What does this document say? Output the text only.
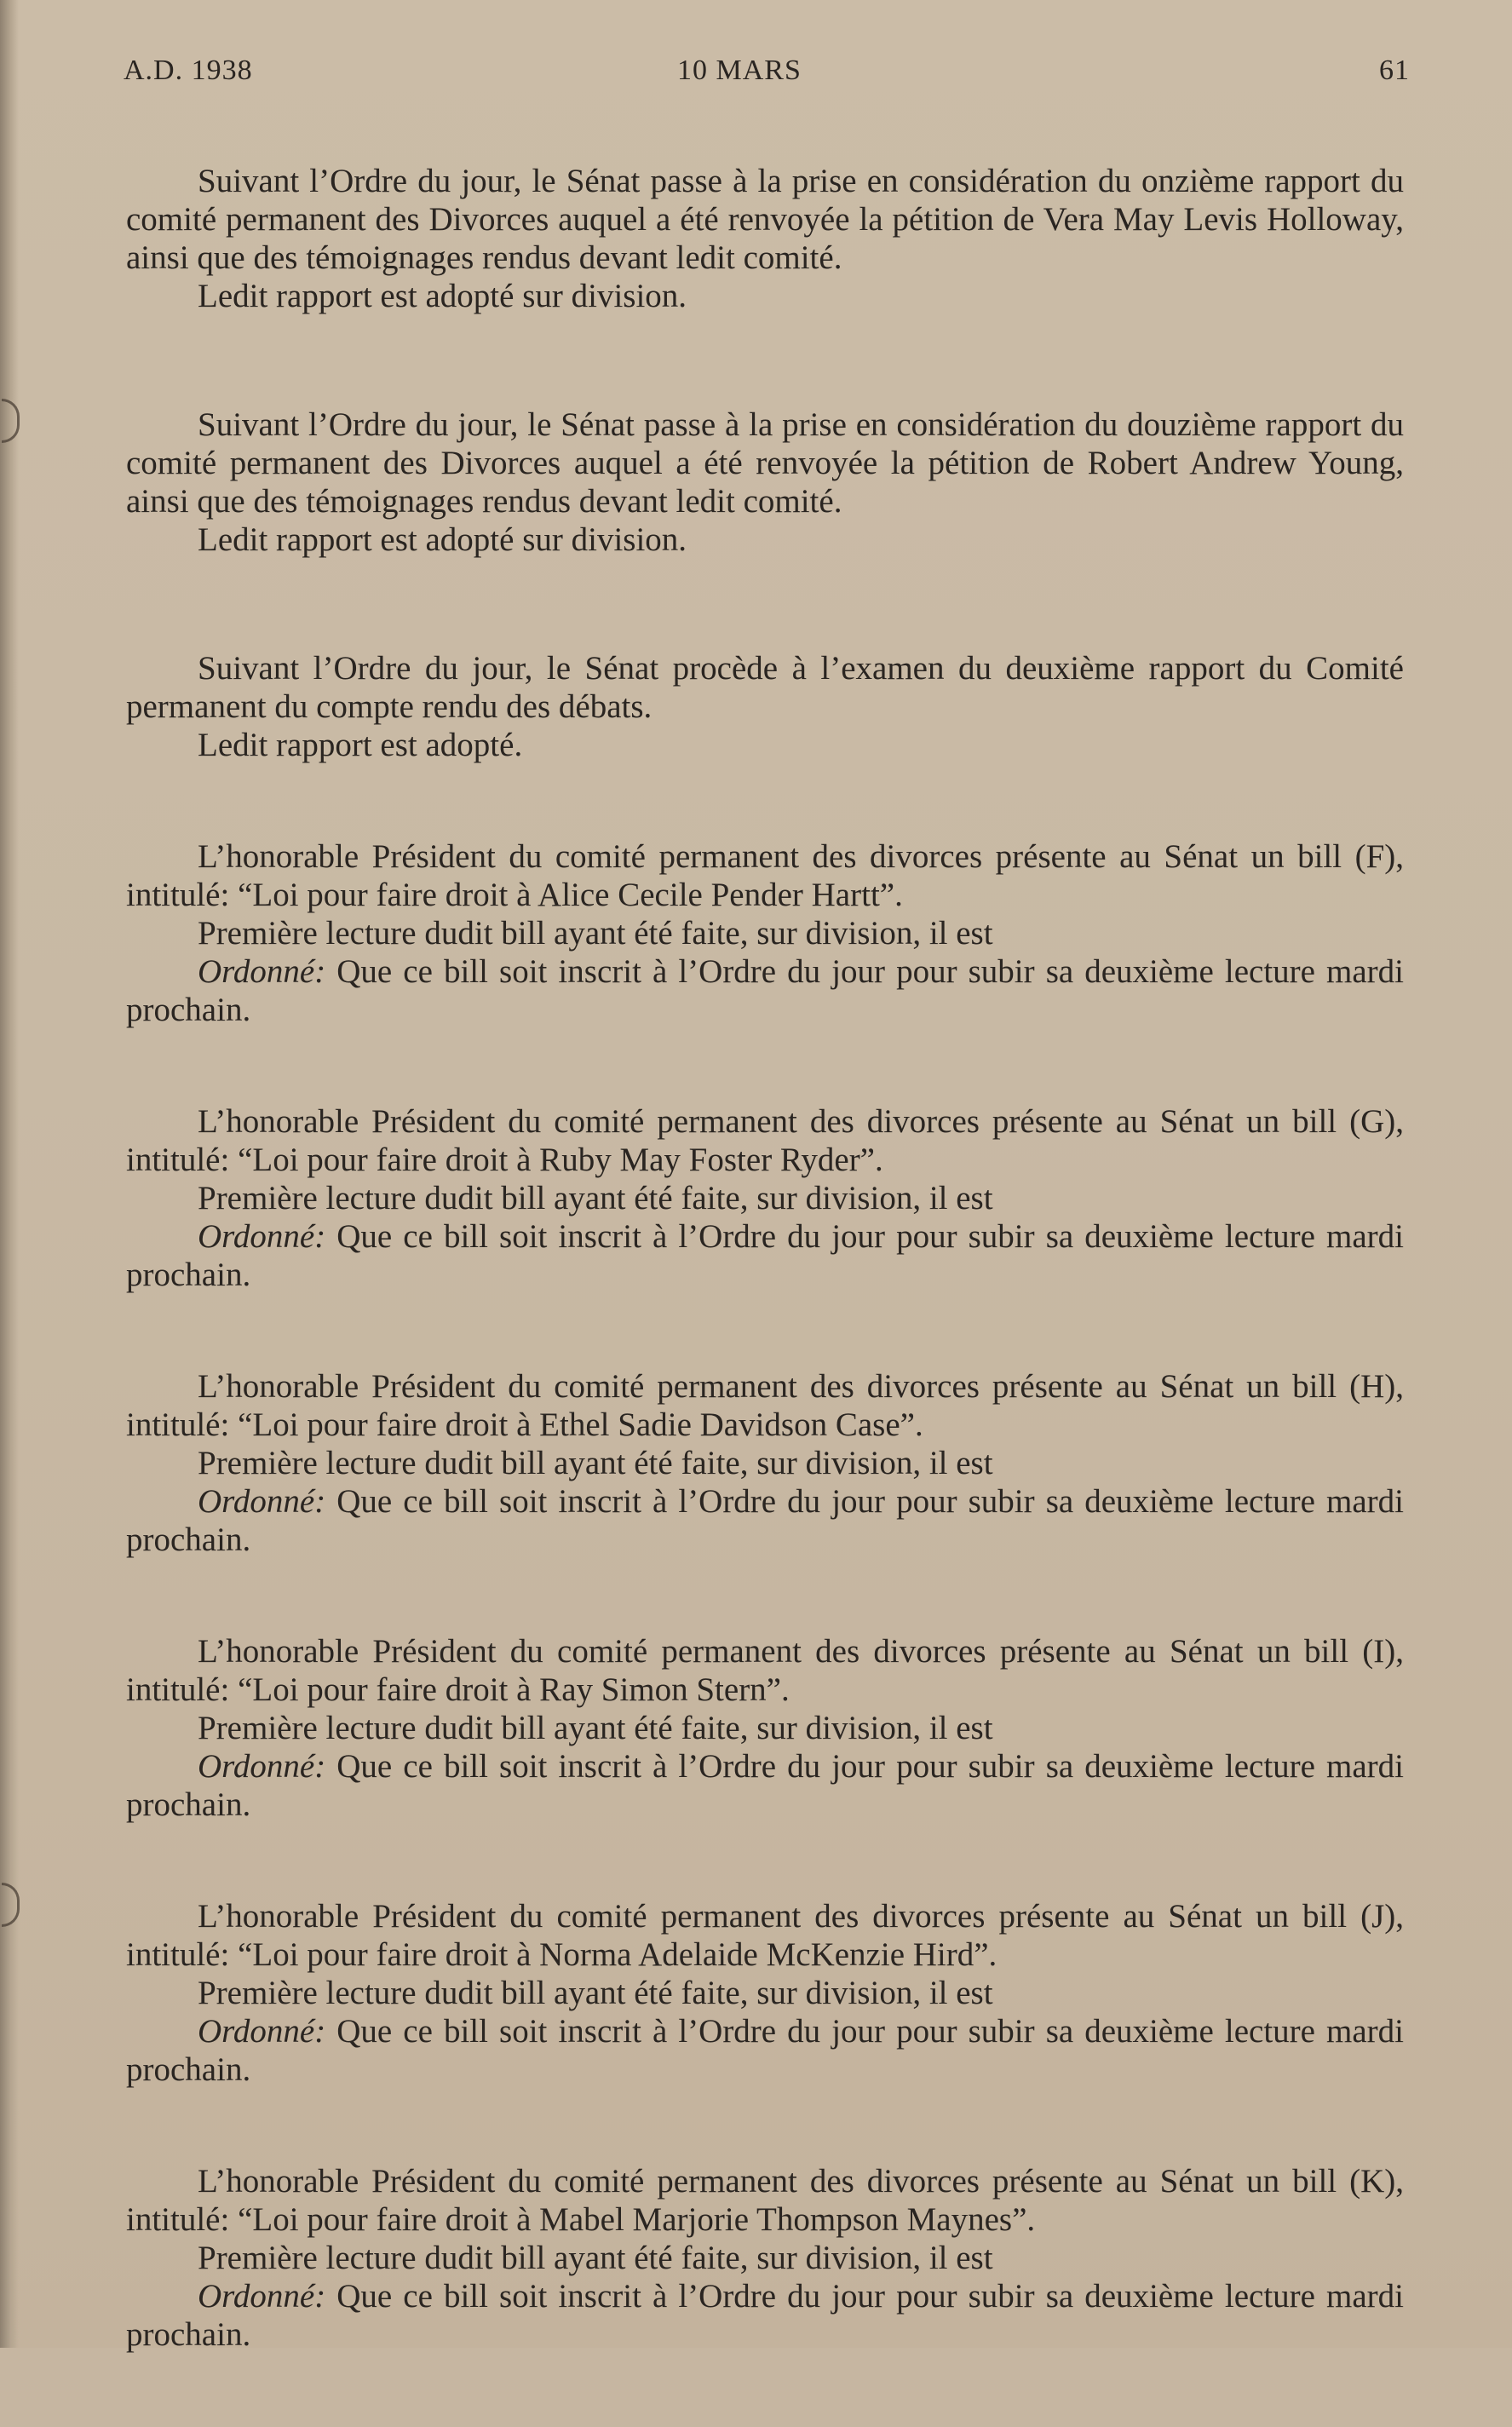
A.D. 1938	10 MARS	61

Suivant l’Ordre du jour, le Sénat passe à la prise en considération du onzième rapport du comité permanent des Divorces auquel a été renvoyée la pétition de Vera May Levis Holloway, ainsi que des témoignages rendus devant ledit comité.

Ledit rapport est adopté sur division.

Suivant l’Ordre du jour, le Sénat passe à la prise en considération du douzième rapport du comité permanent des Divorces auquel a été renvoyée la pétition de Robert Andrew Young, ainsi que des témoignages rendus devant ledit comité.

Ledit rapport est adopté sur division.

Suivant l’Ordre du jour, le Sénat procède à l’examen du deuxième rapport du Comité permanent du compte rendu des débats.

Ledit rapport est adopté.

L’honorable Président du comité permanent des divorces présente au Sénat un bill (F), intitulé: “Loi pour faire droit à Alice Cecile Pender Hartt”.

Première lecture dudit bill ayant été faite, sur division, il est

Ordonné: Que ce bill soit inscrit à l’Ordre du jour pour subir sa deuxième lecture mardi prochain.

L’honorable Président du comité permanent des divorces présente au Sénat un bill (G), intitulé: “Loi pour faire droit à Ruby May Foster Ryder”.

Première lecture dudit bill ayant été faite, sur division, il est

Ordonné: Que ce bill soit inscrit à l’Ordre du jour pour subir sa deuxième lecture mardi prochain.

L’honorable Président du comité permanent des divorces présente au Sénat un bill (H), intitulé: “Loi pour faire droit à Ethel Sadie Davidson Case”.

Première lecture dudit bill ayant été faite, sur division, il est

Ordonné: Que ce bill soit inscrit à l’Ordre du jour pour subir sa deuxième lecture mardi prochain.

L’honorable Président du comité permanent des divorces présente au Sénat un bill (I), intitulé: “Loi pour faire droit à Ray Simon Stern”.

Première lecture dudit bill ayant été faite, sur division, il est

Ordonné: Que ce bill soit inscrit à l’Ordre du jour pour subir sa deuxième lecture mardi prochain.

L’honorable Président du comité permanent des divorces présente au Sénat un bill (J), intitulé: “Loi pour faire droit à Norma Adelaide McKenzie Hird”.

Première lecture dudit bill ayant été faite, sur division, il est

Ordonné: Que ce bill soit inscrit à l’Ordre du jour pour subir sa deuxième lecture mardi prochain.

L’honorable Président du comité permanent des divorces présente au Sénat un bill (K), intitulé: “Loi pour faire droit à Mabel Marjorie Thompson Maynes”.

Première lecture dudit bill ayant été faite, sur division, il est

Ordonné: Que ce bill soit inscrit à l’Ordre du jour pour subir sa deuxième lecture mardi prochain.
